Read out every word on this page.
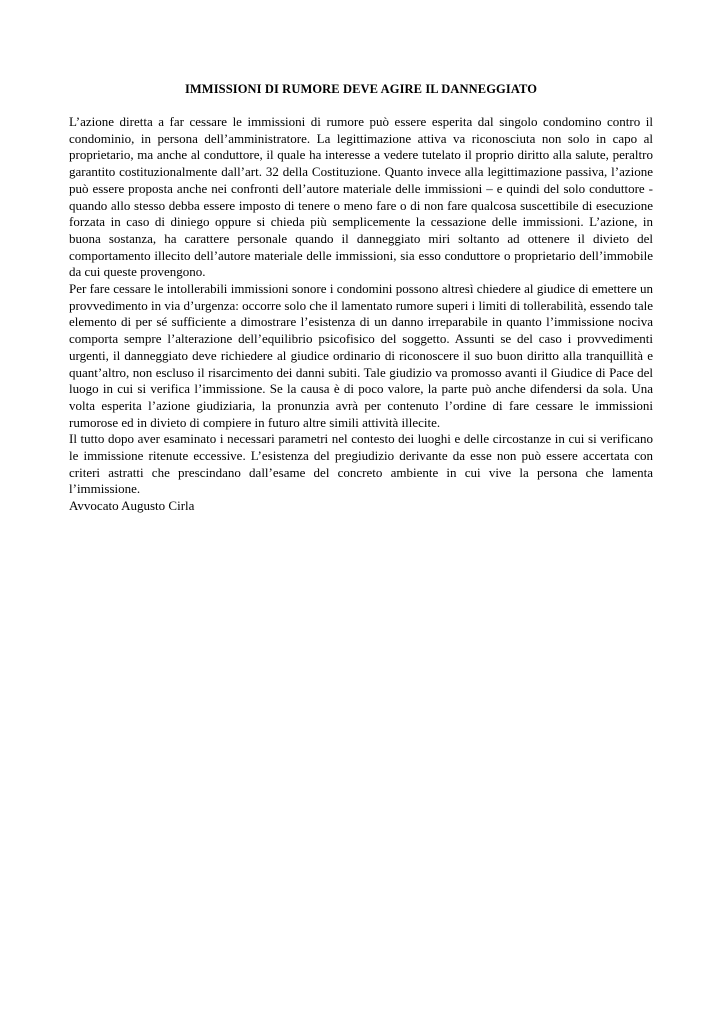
IMMISSIONI DI RUMORE DEVE AGIRE IL DANNEGGIATO

L’azione diretta a far cessare le immissioni di rumore può essere esperita dal singolo condomino contro il condominio, in persona dell’amministratore. La legittimazione attiva va riconosciuta non solo in capo al proprietario, ma anche al conduttore, il quale ha interesse a vedere tutelato il proprio diritto alla salute, peraltro garantito costituzionalmente dall’art. 32 della Costituzione. Quanto invece alla legittimazione passiva, l’azione può essere proposta anche nei confronti dell’autore materiale delle immissioni – e quindi del solo conduttore - quando allo stesso debba essere imposto di tenere o meno fare o di non fare qualcosa suscettibile di esecuzione forzata in caso di diniego oppure si chieda più semplicemente la cessazione delle immissioni. L’azione, in buona sostanza, ha carattere personale quando il danneggiato miri soltanto ad ottenere il divieto del comportamento illecito dell’autore materiale delle immissioni, sia esso conduttore o proprietario dell’immobile da cui queste provengono.

Per fare cessare le intollerabili immissioni sonore i condomini possono altresì chiedere al giudice di emettere un provvedimento in via d’urgenza: occorre solo che il lamentato rumore superi i limiti di tollerabilità, essendo tale elemento di per sé sufficiente a dimostrare l’esistenza di un danno irreparabile in quanto l’immissione nociva comporta sempre l’alterazione dell’equilibrio psicofisico del soggetto. Assunti se del caso i provvedimenti urgenti, il danneggiato deve richiedere al giudice ordinario di riconoscere il suo buon diritto alla tranquillità e quant’altro, non escluso il risarcimento dei danni subiti. Tale giudizio va promosso avanti il Giudice di Pace del luogo in cui si verifica l’immissione. Se la causa è di poco valore, la parte può anche difendersi da sola. Una volta esperita l’azione giudiziaria, la pronunzia avrà per contenuto l’ordine di fare cessare le immissioni rumorose ed in divieto di compiere in futuro altre simili attività illecite.

Il tutto dopo aver esaminato i necessari parametri nel contesto dei luoghi e delle circostanze in cui si verificano le immissione ritenute eccessive. L’esistenza del pregiudizio derivante da esse non può essere accertata con criteri astratti che prescindano dall’esame del concreto ambiente in cui vive la persona che lamenta l’immissione.

Avvocato Augusto Cirla
